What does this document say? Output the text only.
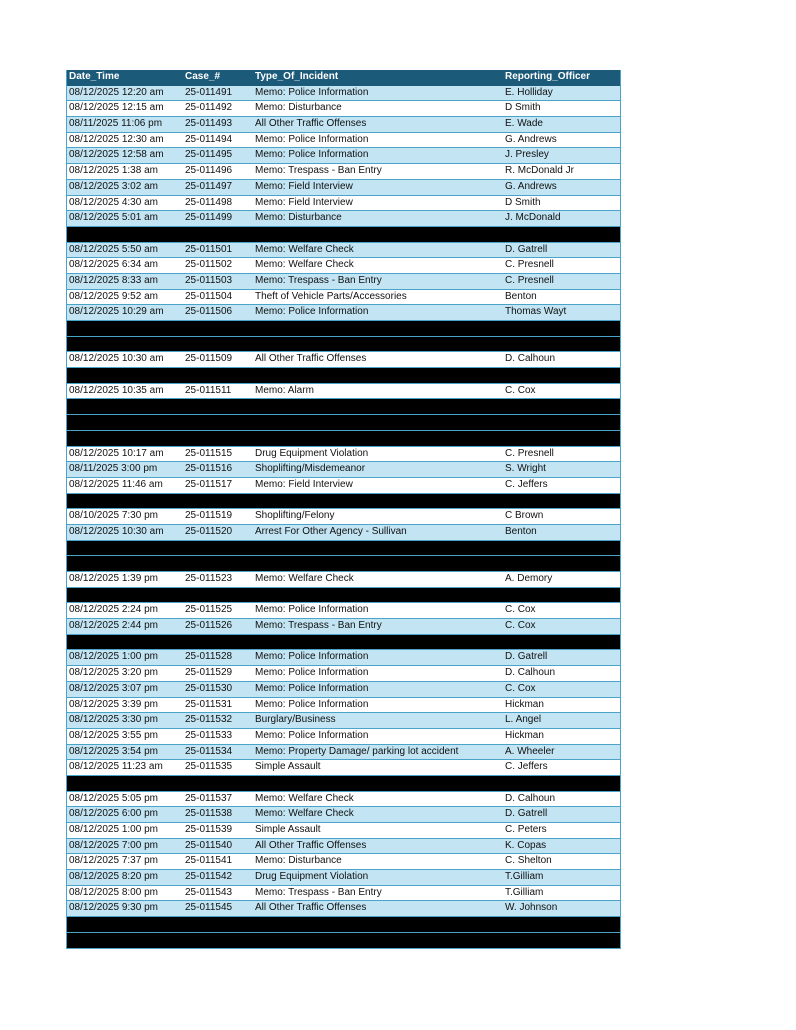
Date_Time	Case_#	Type_Of_Incident	Reporting_Officer
08/12/2025 12:20 am	25-011491	Memo: Police Information	E. Holliday
08/12/2025 12:15 am	25-011492	Memo: Disturbance	D Smith
08/11/2025 11:06 pm	25-011493	All Other Traffic Offenses	E. Wade
08/12/2025 12:30 am	25-011494	Memo: Police Information	G. Andrews
08/12/2025 12:58 am	25-011495	Memo: Police Information	J. Presley
08/12/2025 1:38 am	25-011496	Memo: Trespass - Ban Entry	R. McDonald Jr
08/12/2025 3:02 am	25-011497	Memo: Field Interview	G. Andrews
08/12/2025 4:30 am	25-011498	Memo: Field Interview	D Smith
08/12/2025 5:01 am	25-011499	Memo: Disturbance	J. McDonald
08/12/2025 5:50 am	25-011501	Memo: Welfare Check	D. Gatrell
08/12/2025 6:34 am	25-011502	Memo: Welfare Check	C. Presnell
08/12/2025 8:33 am	25-011503	Memo: Trespass - Ban Entry	C. Presnell
08/12/2025 9:52 am	25-011504	Theft of Vehicle Parts/Accessories	Benton
08/12/2025 10:29 am	25-011506	Memo: Police Information	Thomas Wayt
08/12/2025 10:30 am	25-011509	All Other Traffic Offenses	D. Calhoun
08/12/2025 10:35 am	25-011511	Memo: Alarm	C. Cox
08/12/2025 10:17 am	25-011515	Drug Equipment Violation	C. Presnell
08/11/2025 3:00 pm	25-011516	Shoplifting/Misdemeanor	S. Wright
08/12/2025 11:46 am	25-011517	Memo: Field Interview	C. Jeffers
08/10/2025 7:30 pm	25-011519	Shoplifting/Felony	C Brown
08/12/2025 10:30 am	25-011520	Arrest For Other Agency - Sullivan	Benton
08/12/2025 1:39 pm	25-011523	Memo: Welfare Check	A. Demory
08/12/2025 2:24 pm	25-011525	Memo: Police Information	C. Cox
08/12/2025 2:44 pm	25-011526	Memo: Trespass - Ban Entry	C. Cox
08/12/2025 1:00 pm	25-011528	Memo: Police Information	D. Gatrell
08/12/2025 3:20 pm	25-011529	Memo: Police Information	D. Calhoun
08/12/2025 3:07 pm	25-011530	Memo: Police Information	C. Cox
08/12/2025 3:39 pm	25-011531	Memo: Police Information	Hickman
08/12/2025 3:30 pm	25-011532	Burglary/Business	L. Angel
08/12/2025 3:55 pm	25-011533	Memo: Police Information	Hickman
08/12/2025 3:54 pm	25-011534	Memo: Property Damage/ parking lot accident	A. Wheeler
08/12/2025 11:23 am	25-011535	Simple Assault	C. Jeffers
08/12/2025 5:05 pm	25-011537	Memo: Welfare Check	D. Calhoun
08/12/2025 6:00 pm	25-011538	Memo: Welfare Check	D. Gatrell
08/12/2025 1:00 pm	25-011539	Simple Assault	C. Peters
08/12/2025 7:00 pm	25-011540	All Other Traffic Offenses	K. Copas
08/12/2025 7:37 pm	25-011541	Memo: Disturbance	C. Shelton
08/12/2025 8:20 pm	25-011542	Drug Equipment Violation	T.Gilliam
08/12/2025 8:00 pm	25-011543	Memo: Trespass - Ban Entry	T.Gilliam
08/12/2025 9:30 pm	25-011545	All Other Traffic Offenses	W. Johnson
